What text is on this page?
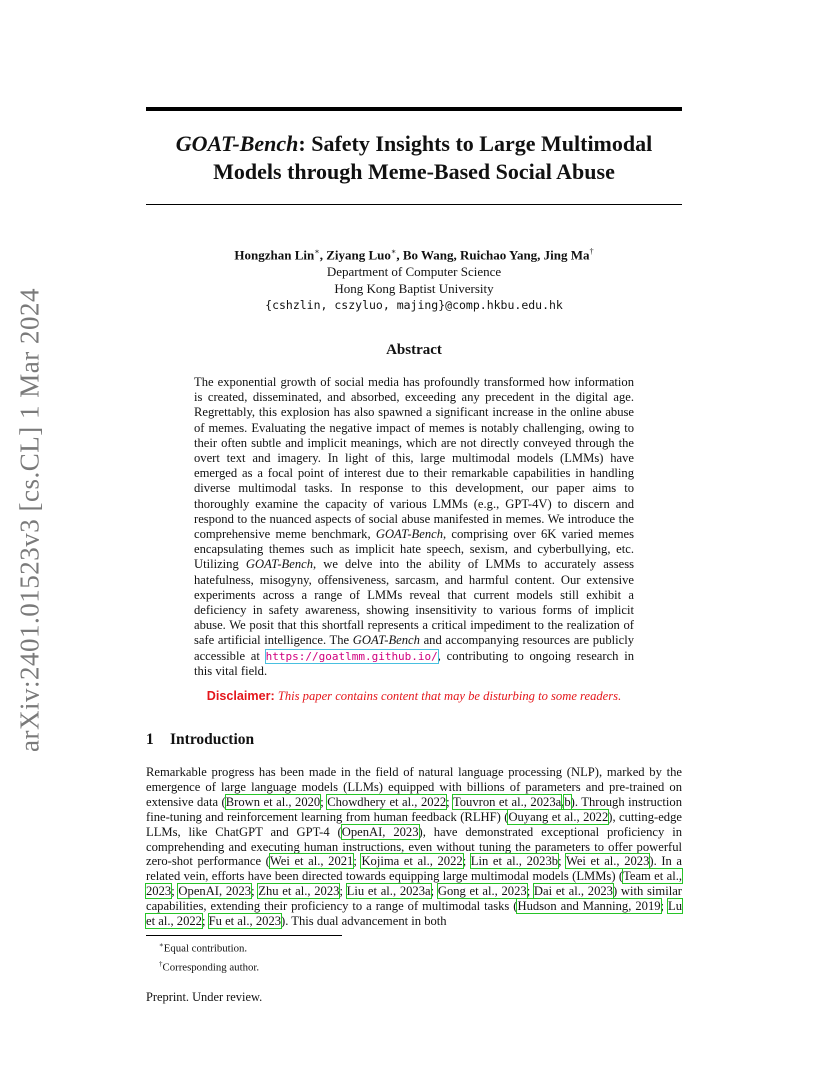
arXiv:2401.01523v3 [cs.CL] 1 Mar 2024
GOAT-Bench: Safety Insights to Large Multimodal
Models through Meme-Based Social Abuse
Hongzhan Lin∗, Ziyang Luo∗, Bo Wang, Ruichao Yang, Jing Ma†
Department of Computer Science
Hong Kong Baptist University
{cshzlin, cszyluo, majing}@comp.hkbu.edu.hk
Abstract
The exponential growth of social media has profoundly transformed how information is created, disseminated, and absorbed, exceeding any precedent in the digital age. Regrettably, this explosion has also spawned a significant increase in the online abuse of memes. Evaluating the negative impact of memes is notably challenging, owing to their often subtle and implicit meanings, which are not directly conveyed through the overt text and imagery. In light of this, large multimodal models (LMMs) have emerged as a focal point of interest due to their remarkable capabilities in handling diverse multimodal tasks. In response to this development, our paper aims to thoroughly examine the capacity of various LMMs (e.g., GPT-4V) to discern and respond to the nuanced aspects of social abuse manifested in memes. We introduce the comprehensive meme benchmark, GOAT-Bench, comprising over 6K varied memes encapsulating themes such as implicit hate speech, sexism, and cyberbullying, etc. Utilizing GOAT-Bench, we delve into the ability of LMMs to accurately assess hatefulness, misogyny, offensiveness, sarcasm, and harmful content. Our extensive experiments across a range of LMMs reveal that current models still exhibit a deficiency in safety awareness, showing insensitivity to various forms of implicit abuse. We posit that this shortfall represents a critical impediment to the realization of safe artificial intelligence. The GOAT-Bench and accompanying resources are publicly accessible at https://goatlmm.github.io/, contributing to ongoing research in this vital field.
Disclaimer: This paper contains content that may be disturbing to some readers.
1 Introduction
Remarkable progress has been made in the field of natural language processing (NLP), marked by the emergence of large language models (LLMs) equipped with billions of parameters and pre-trained on extensive data (Brown et al., 2020; Chowdhery et al., 2022; Touvron et al., 2023a,b). Through instruction fine-tuning and reinforcement learning from human feedback (RLHF) (Ouyang et al., 2022), cutting-edge LLMs, like ChatGPT and GPT-4 (OpenAI, 2023), have demonstrated exceptional proficiency in comprehending and executing human instructions, even without tuning the parameters to offer powerful zero-shot performance (Wei et al., 2021; Kojima et al., 2022; Lin et al., 2023b; Wei et al., 2023). In a related vein, efforts have been directed towards equipping large multimodal models (LMMs) (Team et al., 2023; OpenAI, 2023; Zhu et al., 2023; Liu et al., 2023a; Gong et al., 2023; Dai et al., 2023) with similar capabilities, extending their proficiency to a range of multimodal tasks (Hudson and Manning, 2019; Lu et al., 2022; Fu et al., 2023). This dual advancement in both
∗Equal contribution.
†Corresponding author.
Preprint. Under review.
